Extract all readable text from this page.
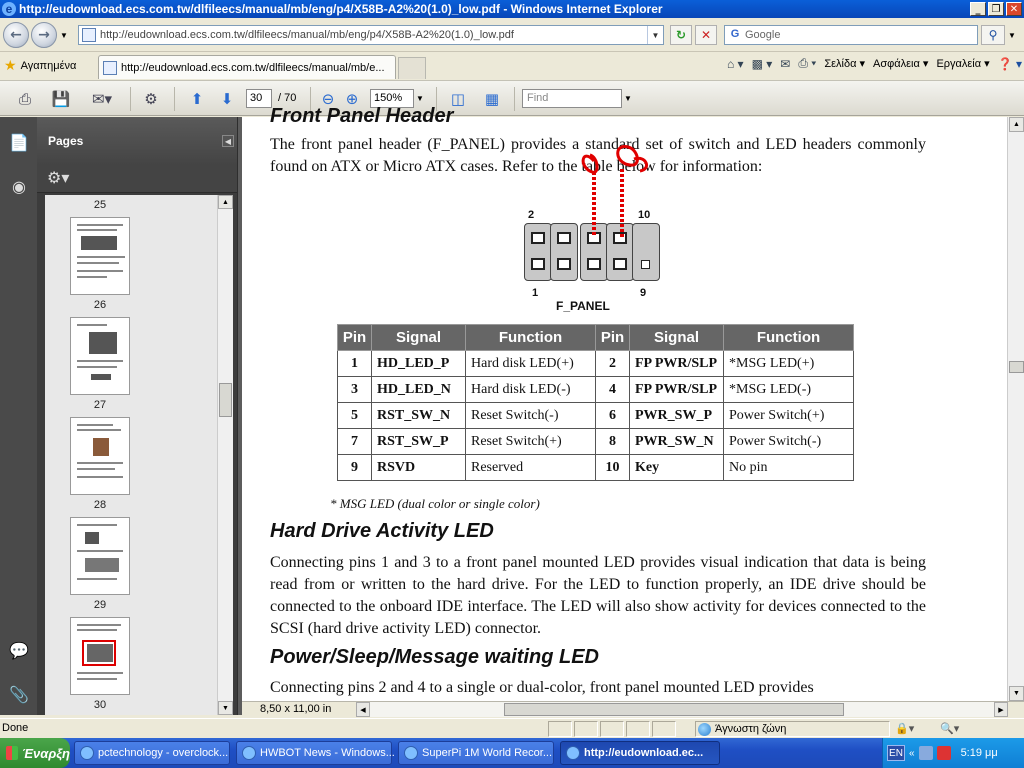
e http://eudownload.ecs.com.tw/dlfileecs/manual/mb/eng/p4/X58B-A2%20(1.0)_low.pdf - Windows Internet Explorer	_	❐ ✕
←	→	▼	http://eudownload.ecs.com.tw/dlfileecs/manual/mb/eng/p4/X58B-A2%20(1.0)_low.pdf	▼	↻	✕	G Google	⚲	▼
★ Αγαπημένα	http://eudownload.ecs.com.tw/dlfileecs/manual/mb/e...	⌂ ▾ ▩ ▾ ✉ ⎙ ▾ Σελίδα ▾ Ασφάλεια ▾ Εργαλεία ▾ ❓ ▾
⎙	💾	✉▾	⚙	⬆	⬇	30	/ 70 ⊖ ⊕	150%	▼	◫	▦	Find	▼
📄
◉
💬
📎
Pages	◀
⚙▾
25
26
27
28
29
30
▲
▼
Front Panel Header
The front panel header (F_PANEL) provides a standard set of switch and LED headers commonly found on ATX or Micro ATX cases. Refer to the table below for information:
2	10
1	9
F_PANEL
Pin	Signal	Function	Pin	Signal	Function
1	HD_LED_P	Hard disk LED(+)	2	FP PWR/SLP	*MSG LED(+)
3	HD_LED_N	Hard disk LED(-)	4	FP PWR/SLP	*MSG LED(-)
5	RST_SW_N	Reset Switch(-)	6	PWR_SW_P	Power Switch(+)
7	RST_SW_P	Reset Switch(+)	8	PWR_SW_N	Power Switch(-)
9	RSVD	Reserved	10	Key	No pin
* MSG LED (dual color or single color)
Hard Drive Activity LED
Connecting pins 1 and 3 to a front panel mounted LED provides visual indication that data is being read from or written to the hard drive. For the LED to function properly, an IDE drive should be connected to the onboard IDE interface. The LED will also show activity for devices connected to the SCSI (hard drive activity LED) connector.
Power/Sleep/Message waiting LED
Connecting pins 2 and 4 to a single or dual-color, front panel mounted LED provides
▲
▼
8,50 x 11,00 in	◀	▶
Done	Άγνωστη ζώνη	🔒▾ 🔍▾
Έναρξη	pctechnology - overclock...	HWBOT News - Windows... SuperPi 1M World Recor...	http://eudownload.ec...	EN «	5:19 μμ
